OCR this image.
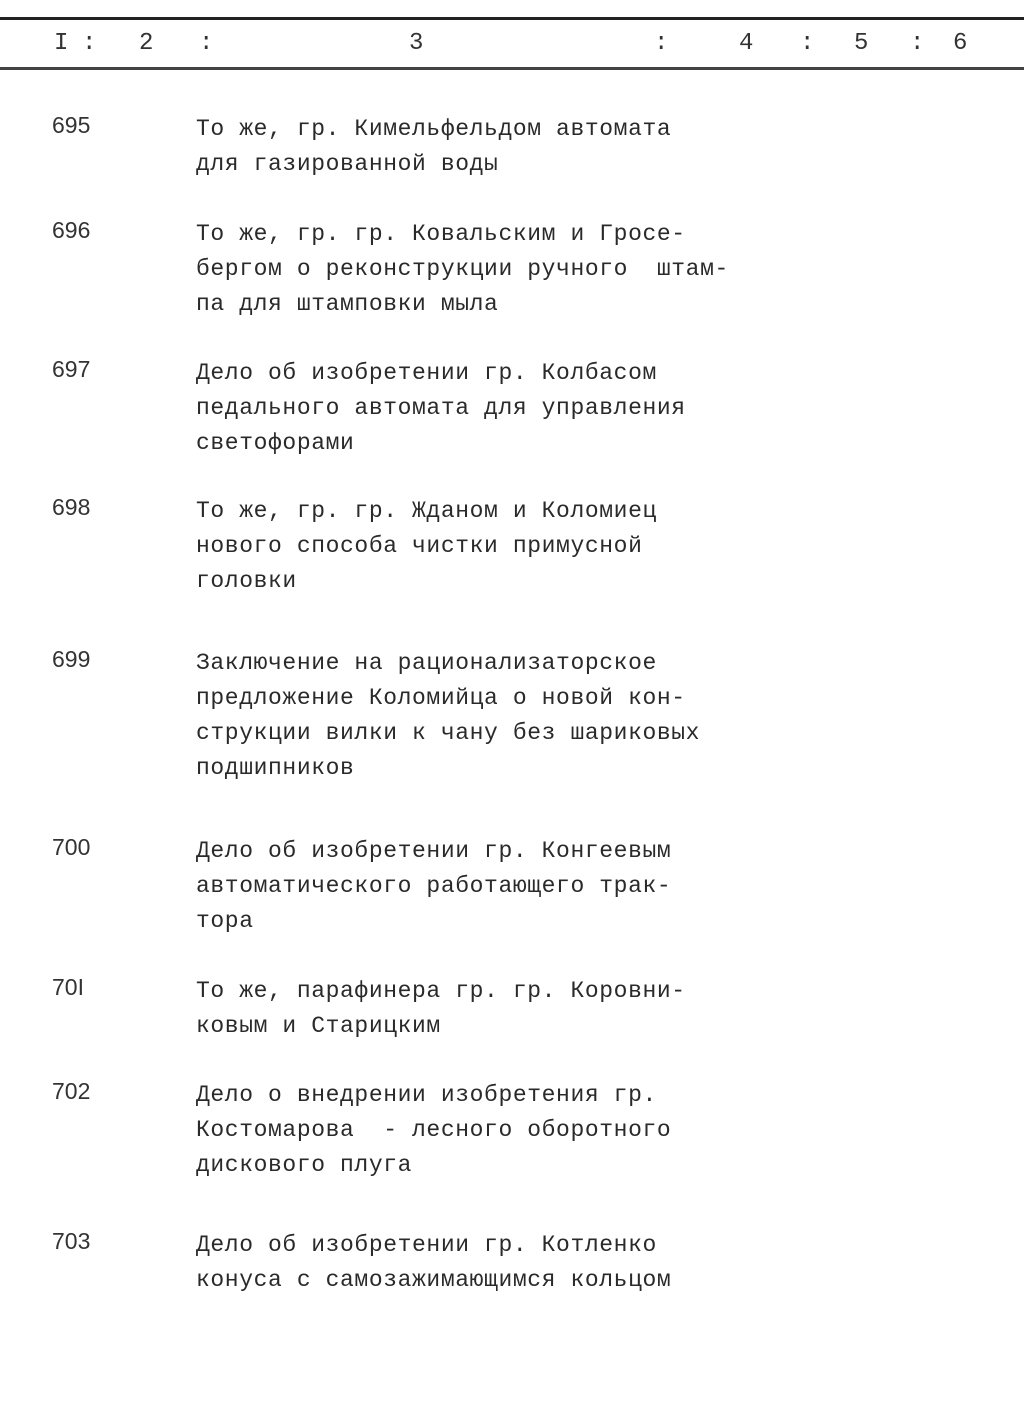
I : 2 :	3	:	4 : 5 : 6
695	То же, гр. Кимельфельдом автомата
для газированной воды
696	То же, гр. гр. Ковальским и Гросе-
бергом о реконструкции ручного  штам-
па для штамповки мыла
697	Дело об изобретении гр. Колбасом
педального автомата для управления
светофорами
698	То же, гр. гр. Жданом и Коломиец
нового способа чистки примусной
головки
699	Заключение на рационализаторское
предложение Коломийца о новой кон-
струкции вилки к чану без шариковых
подшипников
700	Дело об изобретении гр. Конгеевым
автоматического работающего трак-
тора
70I	То же, парафинера гр. гр. Коровни-
ковым и Старицким
702	Дело о внедрении изобретения гр.
Костомарова  - лесного оборотного
дискового плуга
703	Дело об изобретении гр. Котленко
конуса с самозажимающимся кольцом
